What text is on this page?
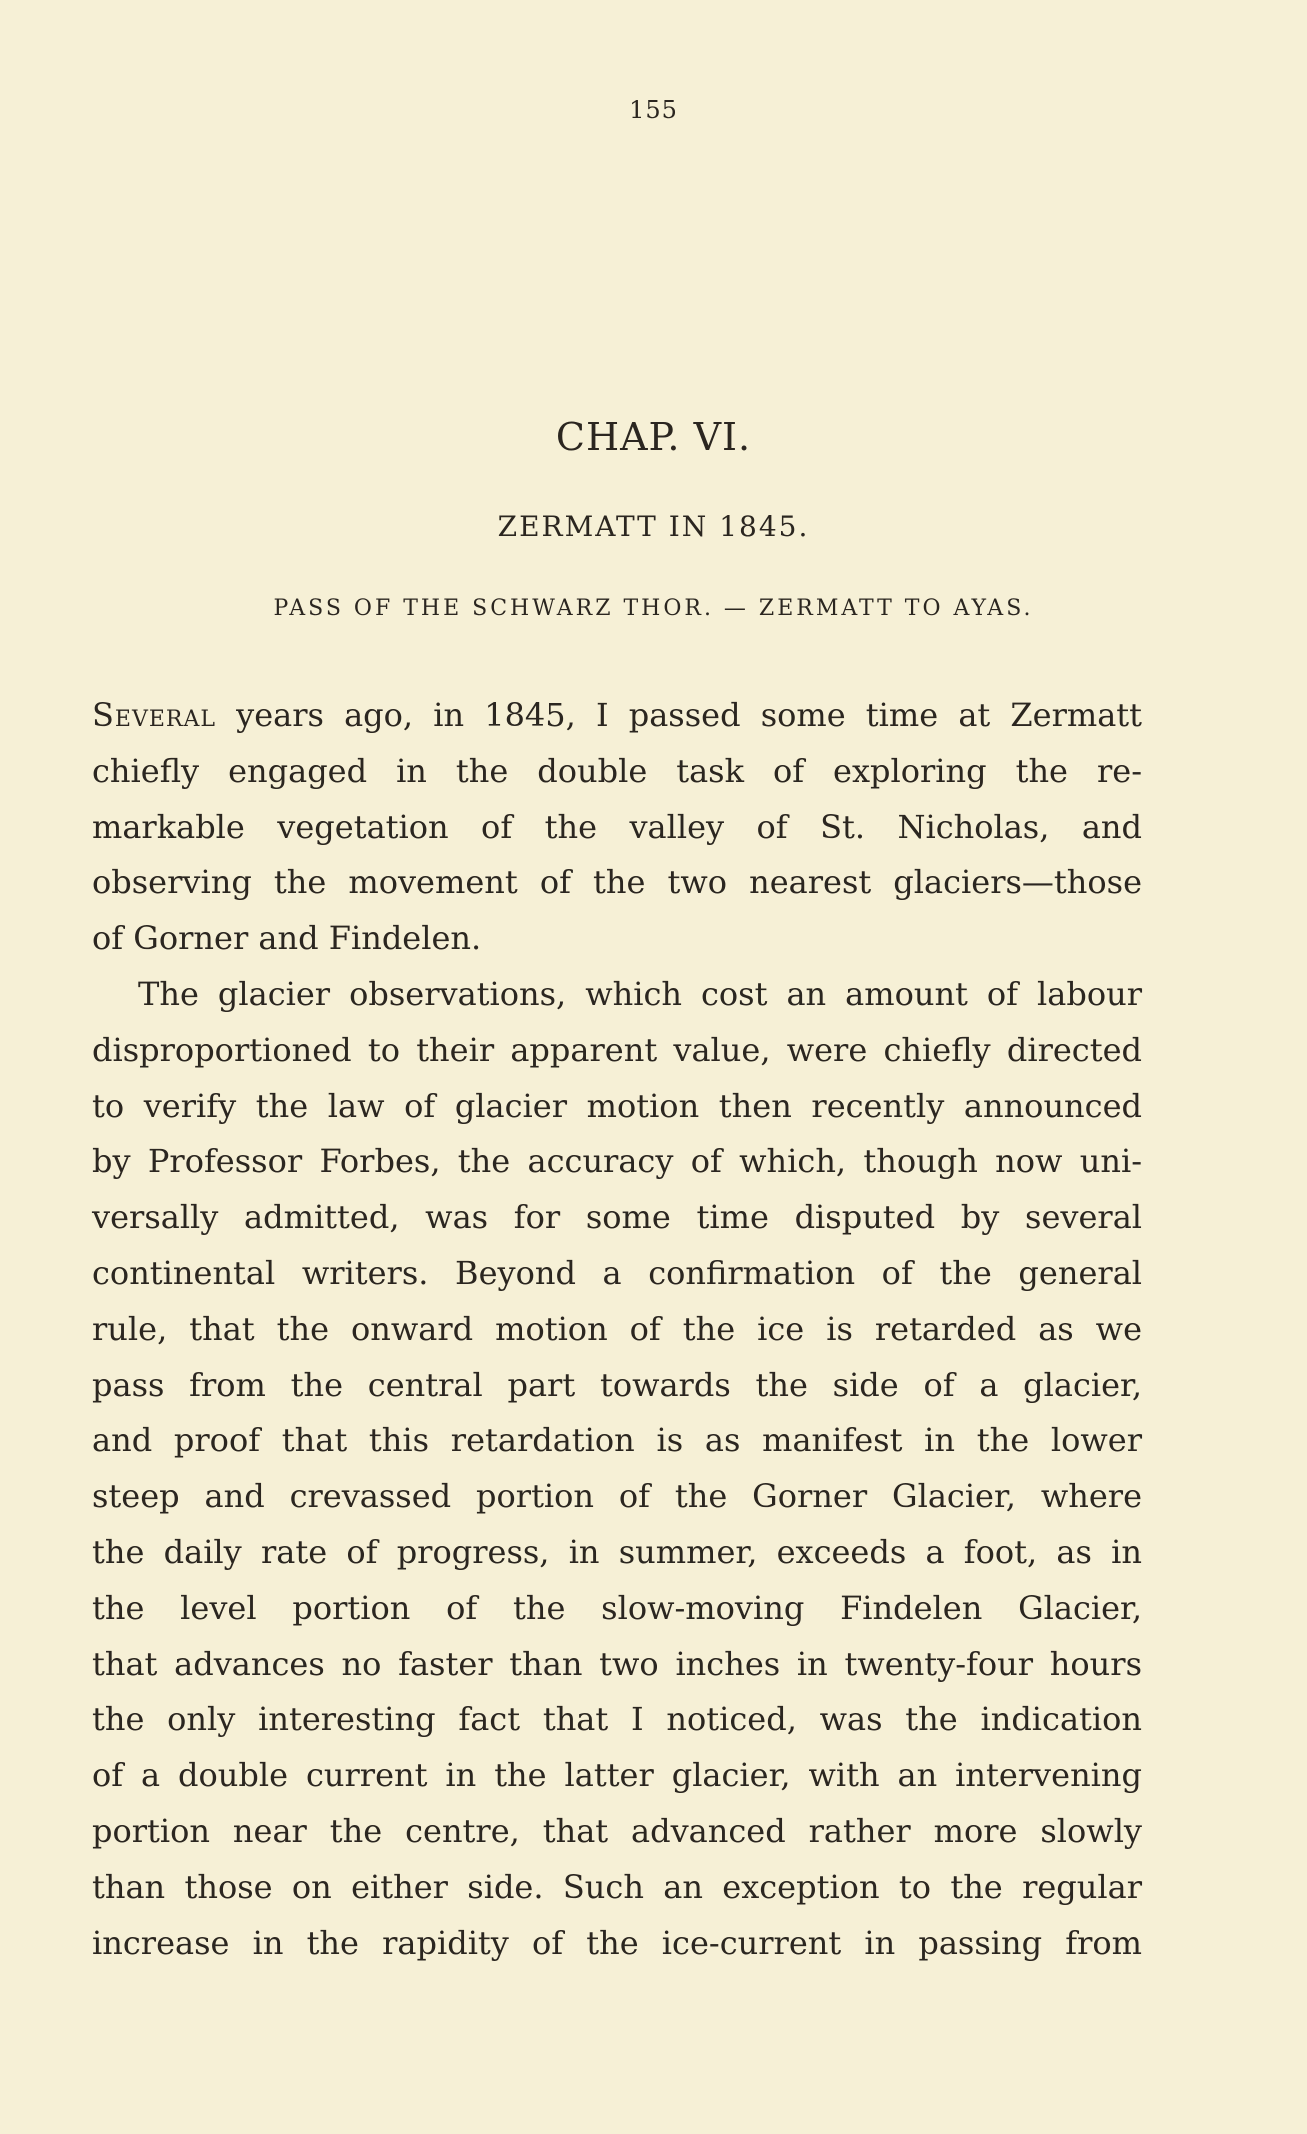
155
CHAP. VI.
ZERMATT IN 1845.
PASS OF THE SCHWARZ THOR. — ZERMATT TO AYAS.
Several years ago, in 1845, I passed some time at Zermatt
chiefly engaged in the double task of exploring the re-
markable vegetation of the valley of St. Nicholas, and
observing the movement of the two nearest glaciers—those
of Gorner and Findelen.
The glacier observations, which cost an amount of labour
disproportioned to their apparent value, were chiefly directed
to verify the law of glacier motion then recently announced
by Professor Forbes, the accuracy of which, though now uni-
versally admitted, was for some time disputed by several
continental writers. Beyond a confirmation of the general
rule, that the onward motion of the ice is retarded as we
pass from the central part towards the side of a glacier,
and proof that this retardation is as manifest in the lower
steep and crevassed portion of the Gorner Glacier, where
the daily rate of progress, in summer, exceeds a foot, as in
the level portion of the slow-moving Findelen Glacier,
that advances no faster than two inches in twenty-four hours
the only interesting fact that I noticed, was the indication
of a double current in the latter glacier, with an intervening
portion near the centre, that advanced rather more slowly
than those on either side. Such an exception to the regular
increase in the rapidity of the ice-current in passing from
